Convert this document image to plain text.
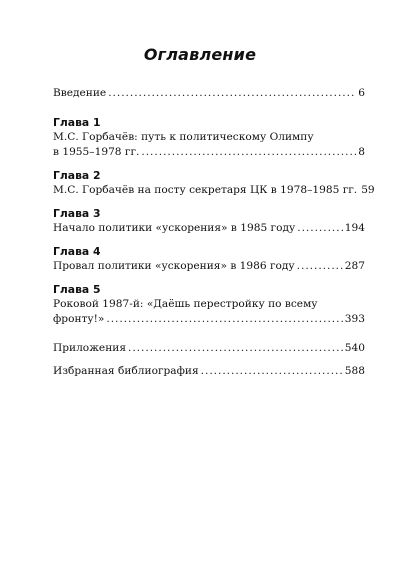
Оглавление
Введение . . .	6
Глава 1
М.С. Горбачёв: путь к политическому Олимпу
в 1955–1978 гг. . . .	8
Глава 2
М.С. Горбачёв на посту секретаря ЦК в 1978–1985 гг. 59
Глава 3
Начало политики «ускорения» в 1985 году . . .	194
Глава 4
Провал политики «ускорения» в 1986 году . . .	287
Глава 5
Роковой 1987-й: «Даёшь перестройку по всему
фронту!» . . .	393
Приложения . . .	540
Избранная библиография . . .	588
